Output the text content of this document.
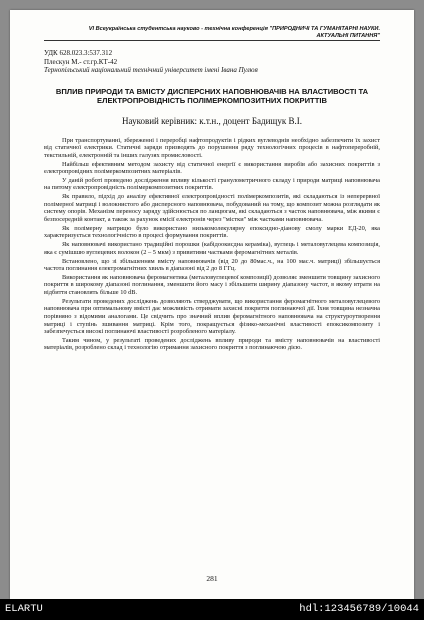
VI Всеукраїнська студентська науково - технічна конференція "ПРИРОДНИЧІ ТА ГУМАНІТАРНІ НАУКИ. АКТУАЛЬНІ ПИТАННЯ"
УДК 628.023.3:537.312
Плескун М.- ст.гр.КТ-42
Тернопільський національний технічний університет імені Івана Пулюя
ВПЛИВ ПРИРОДИ ТА ВМІСТУ ДИСПЕРСНИХ НАПОВНЮВАЧІВ НА ВЛАСТИВОСТІ ТА ЕЛЕКТРОПРОВІДНІСТЬ ПОЛІМЕРКОМПОЗИТНИХ ПОКРИТТІВ
Науковий керівник: к.т.н., доцент Бадищук В.І.

При транспортуванні, збереженні і переробці нафтопродуктів і рідких вуглеводнів необхідно забезпечити їх захист від статичної електрики. Статичні заряди призводять до порушення ряду технологічних процесів в нафтопереробній, текстильній, електронній та інших галузях промисловості.

Найбільш ефективним методом захисту від статичної енергії є використання виробів або захисних покриттів з електропровідних полімеркомпозитних матеріалів.

У даній роботі проведено дослідження впливу кількості гранулометричного складу і природи матриці наповнювача на питому електропровідність полімеркомпозитних покриттів.

Як правило, підхід до аналізу ефективної електропровідності полімеркомпозитів, які складаються із неперервної полімерної матриці і волокнистого або дисперсного наповнювача, побудований на тому, що композит можна розглядати як систему опорів. Механізм переносу заряду здійснюється по ланцюгам, які складаються з часток наповнювача, між якими є безпосередній контакт, а також за рахунок емісії електронів через "містки" між частками наповнювача.

Як полімерну матрицю було використано низькомолекулярну епоксидно-діанову смолу марки ЕД-20, яка характеризується технологічністю в процесі формування покриттів.

Як наповнювачі використано традиційні порошки (кабідоокисдна кераміка), вуглець і металовуглецева композиція, яка є сумішшю вуглецевих волокон (2 – 5 мкм) з привитими частками феромагнітних металів.

Встановлено, що зі збільшенням вмісту наповнювачів (від 20 до 80мас.ч., на 100 мас.ч. матриці) збільшується частота поглинання електромагнітних хвиль в діапазоні від 2 до 8 ГГц.

Використання як наповнювача феромагнетика (металовуглецевої композиції) дозволяє зменшити товщину захисного покриття в широкому діапазоні поглинання, зменшити його масу і збільшити ширину діапазону частот, в якому втрати на відбиття становлять більше 10 dB.

Результати проведених досліджень дозволяють стверджувати, що використання феромагнітного металовуглецевого наповнювача при оптимальному вмісті дає можливість отримати захисні покриття поглинаючої дії. Їхня товщина незначна порівняно з відомими аналогами. Це свідчить про значний вплив феромагнітного наповнювача на структуроутворення матриці і ступінь зшивання матриці. Крім того, покращується фізико-механічні властивості епоксикомпозиту і забезпечується високі поглинаючі властивості розробленого матеріалу.

Таким чином, у результаті проведених досліджень впливу природи та вмісту наповнювачів на властивості матеріалів, розроблено склад і технологію отримання захисного покриття з поглинаючою дією.

281
ELARTU	hdl:123456789/10044
